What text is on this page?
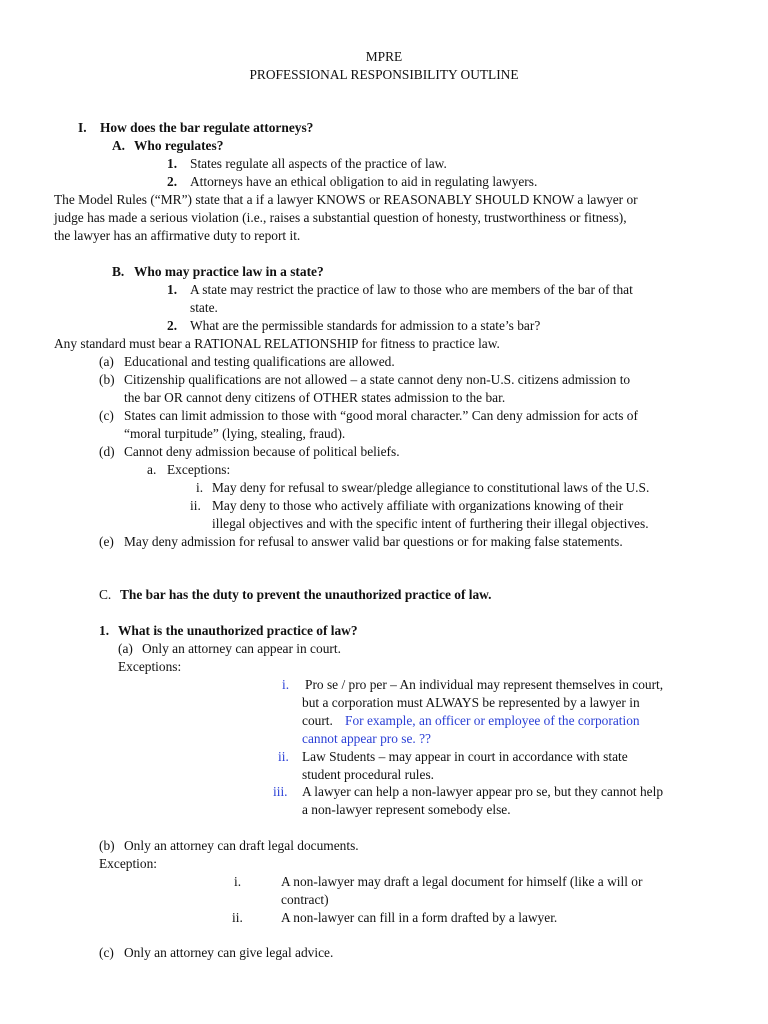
MPRE
PROFESSIONAL RESPONSIBILITY OUTLINE
I. How does the bar regulate attorneys?
A. Who regulates?
1. States regulate all aspects of the practice of law.
2. Attorneys have an ethical obligation to aid in regulating lawyers.
The Model Rules (“MR”) state that a if a lawyer KNOWS or REASONABLY SHOULD KNOW a lawyer or
judge has made a serious violation (i.e., raises a substantial question of honesty, trustworthiness or fitness),
the lawyer has an affirmative duty to report it.
B. Who may practice law in a state?
1. A state may restrict the practice of law to those who are members of the bar of that
state.
2. What are the permissible standards for admission to a state’s bar?
Any standard must bear a RATIONAL RELATIONSHIP for fitness to practice law.
(a) Educational and testing qualifications are allowed.
(b) Citizenship qualifications are not allowed – a state cannot deny non-U.S. citizens admission to
the bar OR cannot deny citizens of OTHER states admission to the bar.
(c) States can limit admission to those with “good moral character.” Can deny admission for acts of
“moral turpitude” (lying, stealing, fraud).
(d) Cannot deny admission because of political beliefs.
a. Exceptions:
i. May deny for refusal to swear/pledge allegiance to constitutional laws of the U.S.
ii. May deny to those who actively affiliate with organizations knowing of their
illegal objectives and with the specific intent of furthering their illegal objectives.
(e) May deny admission for refusal to answer valid bar questions or for making false statements.
C. The bar has the duty to prevent the unauthorized practice of law.
1. What is the unauthorized practice of law?
(a) Only an attorney can appear in court.
Exceptions:
i. Pro se / pro per – An individual may represent themselves in court,
but a corporation must ALWAYS be represented by a lawyer in
court. For example, an officer or employee of the corporation
cannot appear pro se. ??
ii. Law Students – may appear in court in accordance with state
student procedural rules.
iii. A lawyer can help a non-lawyer appear pro se, but they cannot help
a non-lawyer represent somebody else.
(b) Only an attorney can draft legal documents.
Exception:
i.	A non-lawyer may draft a legal document for himself (like a will or
contract)
ii.	A non-lawyer can fill in a form drafted by a lawyer.
(c) Only an attorney can give legal advice.
